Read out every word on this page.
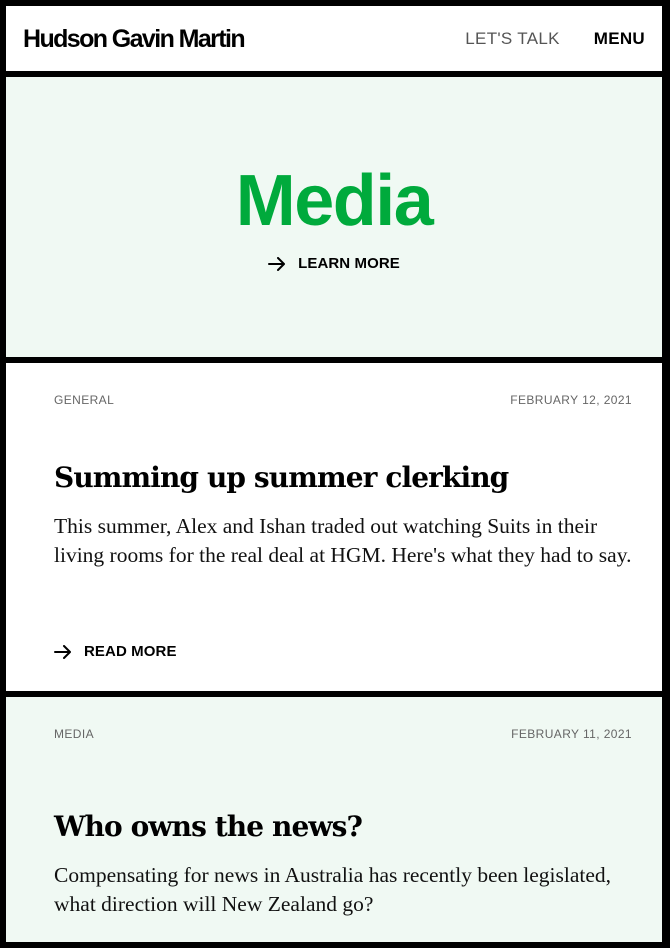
Hudson Gavin Martin	LET'S TALK MENU
Media
LEARN MORE
GENERAL	FEBRUARY 12, 2021
Summing up summer clerking

This summer, Alex and Ishan traded out watching Suits in their living rooms for the real deal at HGM. Here's what they had to say.

READ MORE
MEDIA	FEBRUARY 11, 2021
Who owns the news?

Compensating for news in Australia has recently been legislated, what direction will New Zealand go?
